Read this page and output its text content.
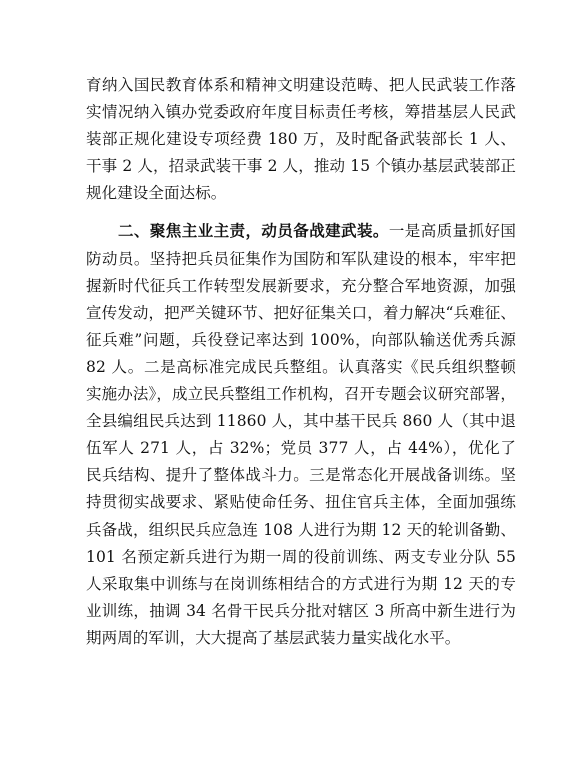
育纳入国民教育体系和精神文明建设范畴、把人民武装工作落实情况纳入镇办党委政府年度目标责任考核，筹措基层人民武装部正规化建设专项经费 180 万，及时配备武装部长 1 人、干事 2 人，招录武装干事 2 人，推动 15 个镇办基层武装部正规化建设全面达标。

二、聚焦主业主责，动员备战建武装。一是高质量抓好国防动员。坚持把兵员征集作为国防和军队建设的根本，牢牢把握新时代征兵工作转型发展新要求，充分整合军地资源，加强宣传发动，把严关键环节、把好征集关口，着力解决“兵难征、征兵难”问题，兵役登记率达到 100%，向部队输送优秀兵源 82 人。二是高标准完成民兵整组。认真落实《民兵组织整顿实施办法》，成立民兵整组工作机构，召开专题会议研究部署，全县编组民兵达到 11860 人，其中基干民兵 860 人（其中退伍军人 271 人，占 32%；党员 377 人，占 44%），优化了民兵结构、提升了整体战斗力。三是常态化开展战备训练。坚持贯彻实战要求、紧贴使命任务、扭住官兵主体，全面加强练兵备战，组织民兵应急连 108 人进行为期 12 天的轮训备勤、101 名预定新兵进行为期一周的役前训练、两支专业分队 55 人采取集中训练与在岗训练相结合的方式进行为期 12 天的专业训练，抽调 34 名骨干民兵分批对辖区 3 所高中新生进行为期两周的军训，大大提高了基层武装力量实战化水平。
